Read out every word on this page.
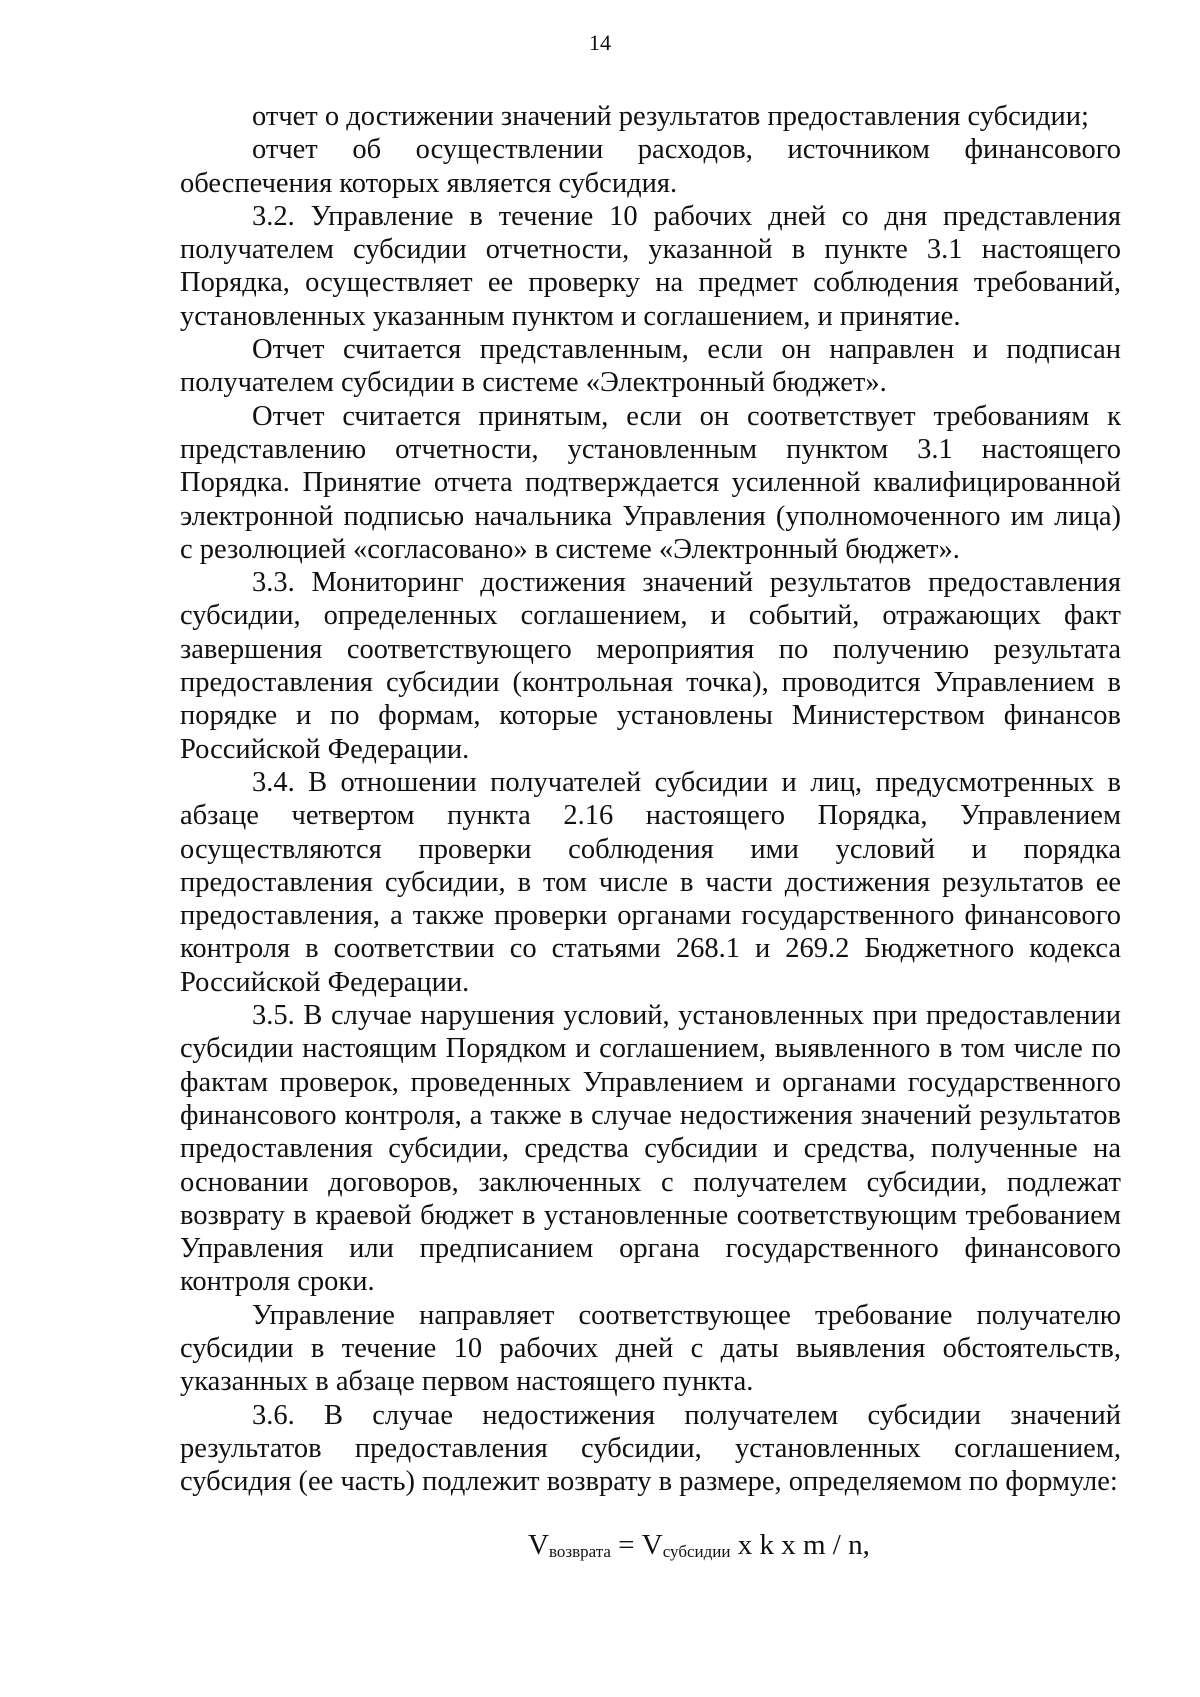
14

отчет о достижении значений результатов предоставления субсидии;

отчет об осуществлении расходов, источником финансового обеспечения которых является субсидия.

3.2. Управление в течение 10 рабочих дней со дня представления получателем субсидии отчетности, указанной в пункте 3.1 настоящего Порядка, осуществляет ее проверку на предмет соблюдения требований, установленных указанным пунктом и соглашением, и принятие.

Отчет считается представленным, если он направлен и подписан получателем субсидии в системе «Электронный бюджет».

Отчет считается принятым, если он соответствует требованиям к представлению отчетности, установленным пунктом 3.1 настоящего Порядка. Принятие отчета подтверждается усиленной квалифицированной электронной подписью начальника Управления (уполномоченного им лица) с резолюцией «согласовано» в системе «Электронный бюджет».

3.3. Мониторинг достижения значений результатов предоставления субсидии, определенных соглашением, и событий, отражающих факт завершения соответствующего мероприятия по получению результата предоставления субсидии (контрольная точка), проводится Управлением в порядке и по формам, которые установлены Министерством финансов Российской Федерации.

3.4. В отношении получателей субсидии и лиц, предусмотренных в абзаце четвертом пункта 2.16 настоящего Порядка, Управлением осуществляются проверки соблюдения ими условий и порядка предоставления субсидии, в том числе в части достижения результатов ее предоставления, а также проверки органами государственного финансового контроля в соответствии со статьями 268.1 и 269.2 Бюджетного кодекса Российской Федерации.

3.5. В случае нарушения условий, установленных при предоставлении субсидии настоящим Порядком и соглашением, выявленного в том числе по фактам проверок, проведенных Управлением и органами государственного финансового контроля, а также в случае недостижения значений результатов предоставления субсидии, средства субсидии и средства, полученные на основании договоров, заключенных с получателем субсидии, подлежат возврату в краевой бюджет в установленные соответствующим требованием Управления или предписанием органа государственного финансового контроля сроки.

Управление направляет соответствующее требование получателю субсидии в течение 10 рабочих дней с даты выявления обстоятельств, указанных в абзаце первом настоящего пункта.

3.6. В случае недостижения получателем субсидии значений результатов предоставления субсидии, установленных соглашением, субсидия (ее часть) подлежит возврату в размере, определяемом по формуле:

$V_{возврата} = V_{субсидии}$ x k x m / n,
